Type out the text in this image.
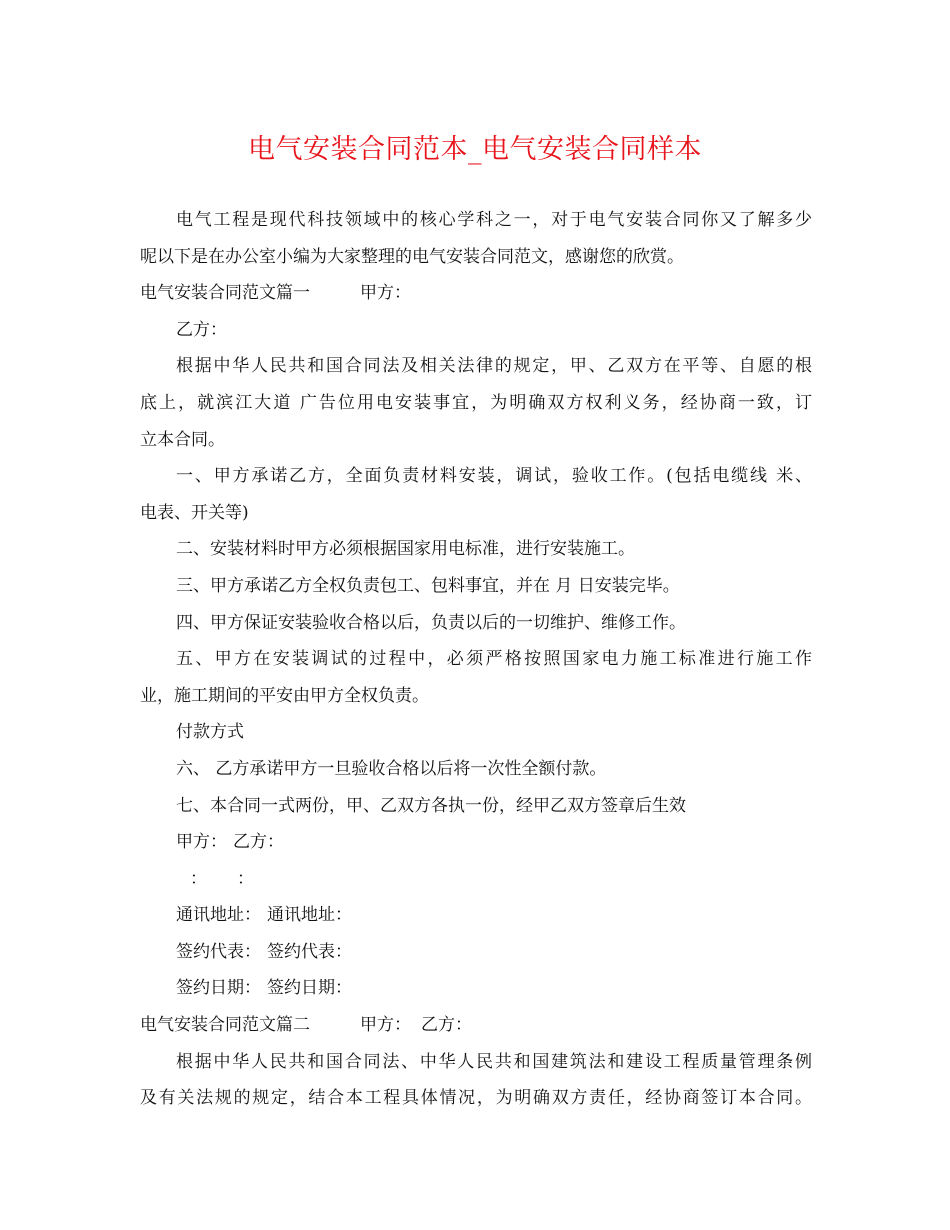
电气安装合同范本_电气安装合同样本
电气工程是现代科技领域中的核心学科之一，对于电气安装合同你又了解多少
呢以下是在办公室小编为大家整理的电气安装合同范文，感谢您的欣赏。
电气安装合同范文篇一	甲方：
乙方：
根据中华人民共和国合同法及相关法律的规定，甲、乙双方在平等、自愿的根
底上，就滨江大道 广告位用电安装事宜，为明确双方权利义务，经协商一致，订
立本合同。
一、甲方承诺乙方，全面负责材料安装，调试，验收工作。(包括电缆线 米、
电表、开关等)
二、安装材料时甲方必须根据国家用电标准，进行安装施工。
三、甲方承诺乙方全权负责包工、包料事宜，并在 月 日安装完毕。
四、甲方保证安装验收合格以后，负责以后的一切维护、维修工作。
五、甲方在安装调试的过程中，必须严格按照国家电力施工标准进行施工作
业，施工期间的平安由甲方全权负责。
付款方式
六、 乙方承诺甲方一旦验收合格以后将一次性全额付款。
七、本合同一式两份，甲、乙双方各执一份，经甲乙双方签章后生效
甲方： 乙方：
： ：
通讯地址： 通讯地址：
签约代表： 签约代表：
签约日期： 签约日期：
电气安装合同范文篇二	甲方： 乙方：
根据中华人民共和国合同法、中华人民共和国建筑法和建设工程质量管理条例
及有关法规的规定，结合本工程具体情况，为明确双方责任，经协商签订本合同。
